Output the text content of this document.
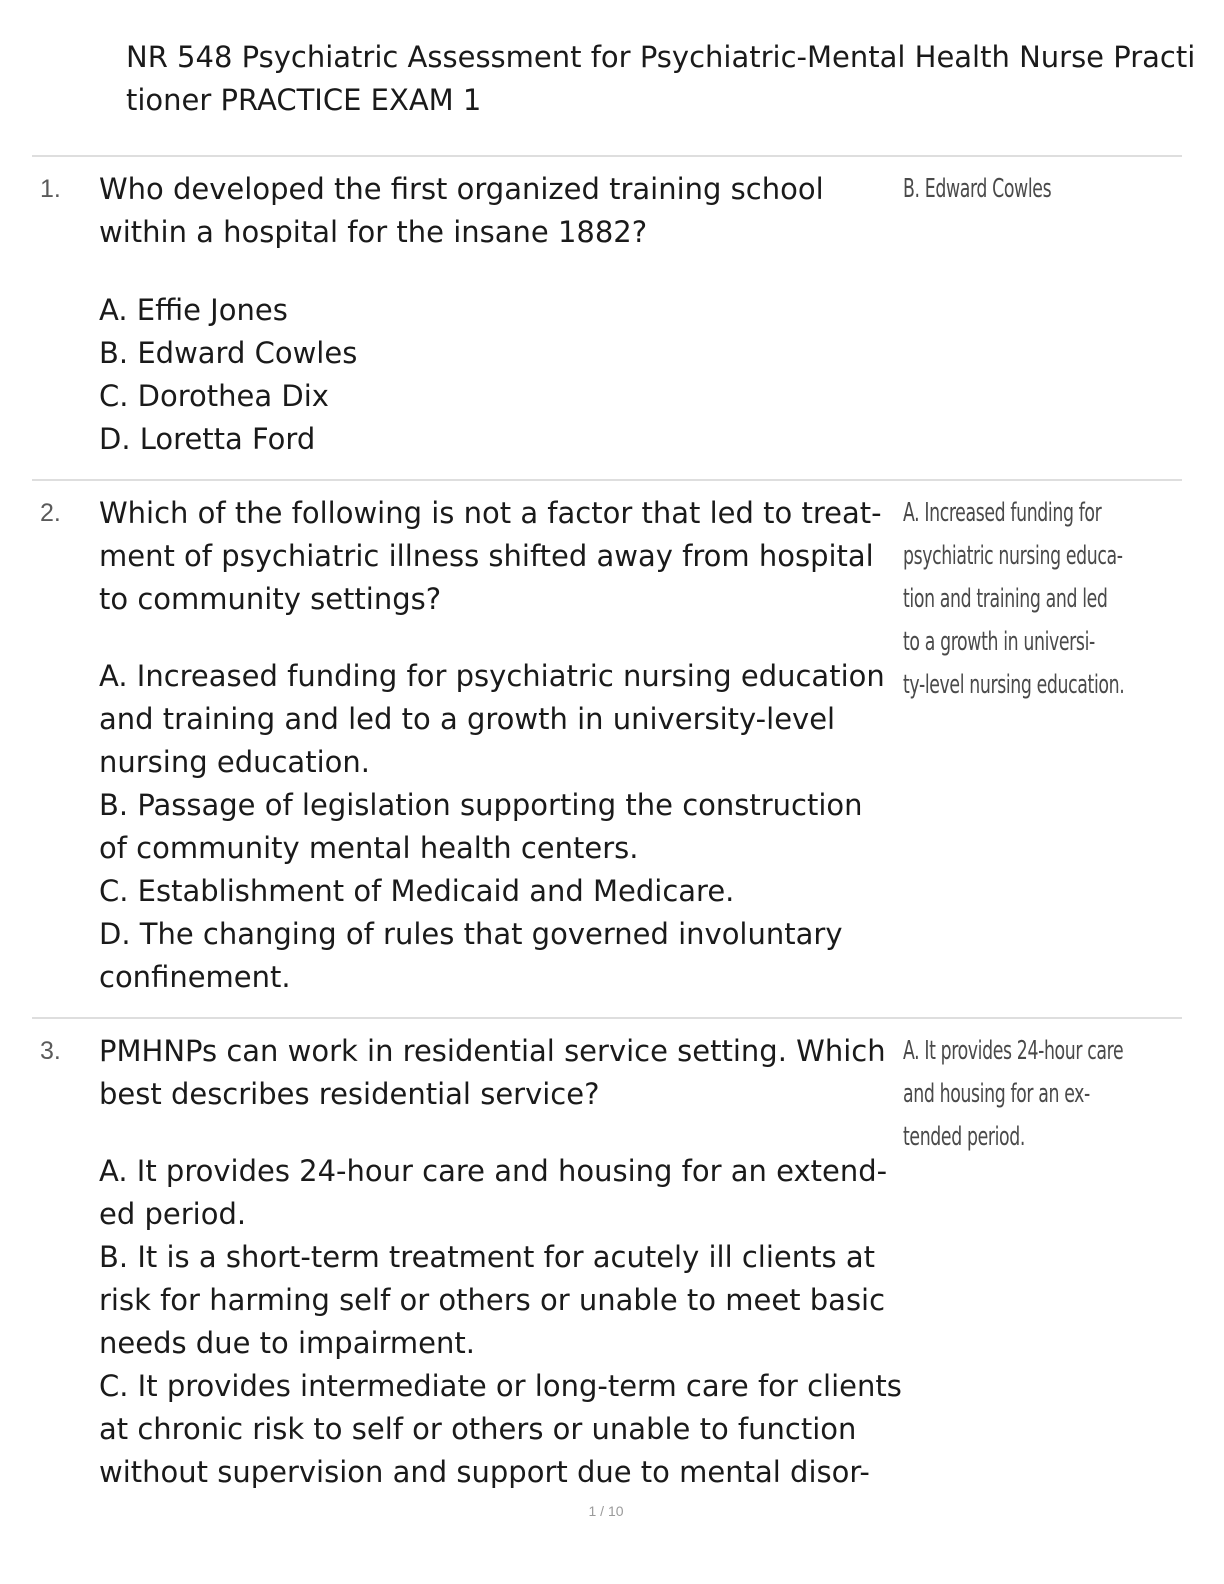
NR 548 Psychiatric Assessment for Psychiatric-Mental Health Nurse Practi
tioner PRACTICE EXAM 1
1. Who developed the first organized training school
within a hospital for the insane 1882?
B. Edward Cowles
A. Effie Jones
B. Edward Cowles
C. Dorothea Dix
D. Loretta Ford
2. Which of the following is not a factor that led to treat-
ment of psychiatric illness shifted away from hospital
to community settings?
A. Increased funding for
psychiatric nursing educa-
tion and training and led
to a growth in universi-
ty-level nursing education.
A. Increased funding for psychiatric nursing education
and training and led to a growth in university-level
nursing education.
B. Passage of legislation supporting the construction
of community mental health centers.
C. Establishment of Medicaid and Medicare.
D. The changing of rules that governed involuntary
confinement.
3. PMHNPs can work in residential service setting. Which
best describes residential service?
A. It provides 24-hour care
and housing for an ex-
tended period.
A. It provides 24-hour care and housing for an extend-
ed period.
B. It is a short-term treatment for acutely ill clients at
risk for harming self or others or unable to meet basic
needs due to impairment.
C. It provides intermediate or long-term care for clients
at chronic risk to self or others or unable to function
without supervision and support due to mental disor-
1 / 10
